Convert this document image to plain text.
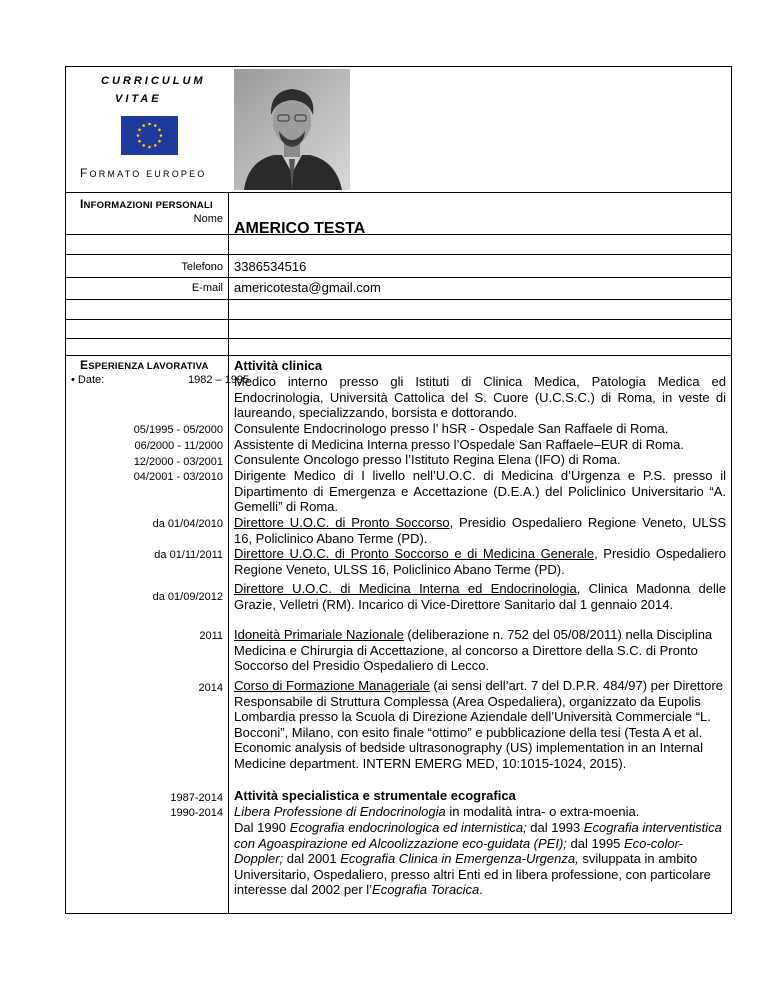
CURRICULUM
VITAE
FORMATO EUROPEO
INFORMAZIONI PERSONALI
Nome
AMERICO TESTA
Telefono 3386534516
E-mail americotesta@gmail.com
ESPERIENZA LAVORATIVA
• Date:	1982 – 1995
Attività clinica
Medico interno presso gli Istituti di Clinica Medica, Patologia Medica ed Endocrinologia, Università Cattolica del S. Cuore (U.C.S.C.) di Roma, in veste di laureando, specializzando, borsista e dottorando.
05/1995 - 05/2000 Consulente Endocrinologo presso l’ hSR - Ospedale San Raffaele di Roma.
06/2000 - 11/2000 Assistente di Medicina Interna presso l’Ospedale San Raffaele–EUR di Roma.
12/2000 - 03/2001 Consulente Oncologo presso l’Istituto Regina Elena (IFO) di Roma.
04/2001 - 03/2010 Dirigente Medico di I livello nell’U.O.C. di Medicina d’Urgenza e P.S. presso il Dipartimento di Emergenza e Accettazione (D.E.A.) del Policlinico Universitario “A. Gemelli” di Roma.
da 01/04/2010 Direttore U.O.C. di Pronto Soccorso, Presidio Ospedaliero Regione Veneto, ULSS 16, Policlinico Abano Terme (PD).
da 01/11/2011 Direttore U.O.C. di Pronto Soccorso e di Medicina Generale, Presidio Ospedaliero Regione Veneto, ULSS 16, Policlinico Abano Terme (PD).
da 01/09/2012
Direttore U.O.C. di Medicina Interna ed Endocrinologia, Clinica Madonna delle Grazie, Velletri (RM). Incarico di Vice-Direttore Sanitario dal 1 gennaio 2014.
2011 Idoneità Primariale Nazionale (deliberazione n. 752 del 05/08/2011) nella Disciplina Medicina e Chirurgia di Accettazione, al concorso a Direttore della S.C. di Pronto Soccorso del Presidio Ospedaliero di Lecco.
2014 Corso di Formazione Manageriale (ai sensi dell’art. 7 del D.P.R. 484/97) per Direttore Responsabile di Struttura Complessa (Area Ospedaliera), organizzato da Eupolis Lombardia presso la Scuola di Direzione Aziendale dell’Università Commerciale “L. Bocconi”, Milano, con esito finale “ottimo” e pubblicazione della tesi (Testa A et al. Economic analysis of bedside ultrasonography (US) implementation in an Internal Medicine department. INTERN EMERG MED, 10:1015-1024, 2015).
1987-2014 Attività specialistica e strumentale ecografica
1990-2014 Libera Professione di Endocrinologia in modalità intra- o extra-moenia.
Dal 1990 Ecografia endocrinologica ed internistica; dal 1993 Ecografia interventistica con Agoaspirazione ed Alcoolizzazione eco-guidata (PEI); dal 1995 Eco-color-Doppler; dal 2001 Ecografia Clinica in Emergenza-Urgenza, sviluppata in ambito Universitario, Ospedaliero, presso altri Enti ed in libera professione, con particolare interesse dal 2002 per l’Ecografia Toracica.
